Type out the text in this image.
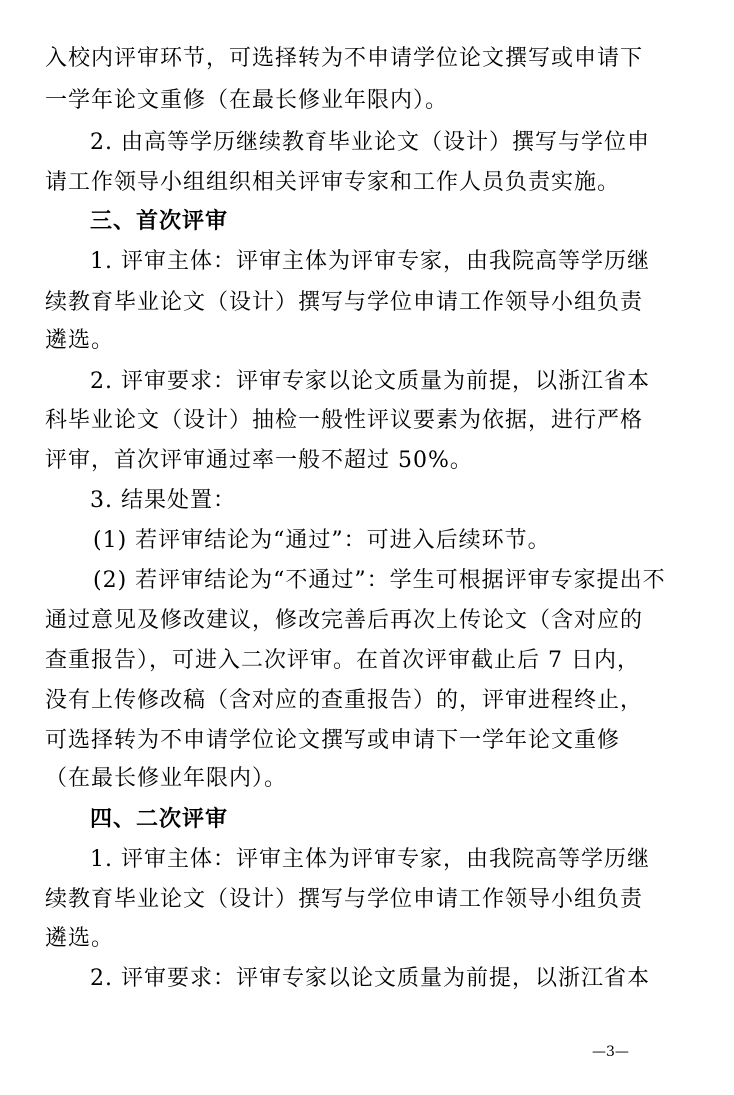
入校内评审环节，可选择转为不申请学位论文撰写或申请下
一学年论文重修（在最长修业年限内）。
2. 由高等学历继续教育毕业论文（设计）撰写与学位申
请工作领导小组组织相关评审专家和工作人员负责实施。
三、首次评审
1. 评审主体：评审主体为评审专家，由我院高等学历继
续教育毕业论文（设计）撰写与学位申请工作领导小组负责
遴选。
2. 评审要求：评审专家以论文质量为前提，以浙江省本
科毕业论文（设计）抽检一般性评议要素为依据，进行严格
评审，首次评审通过率一般不超过 50%。
3. 结果处置：
(1) 若评审结论为“通过”：可进入后续环节。
(2) 若评审结论为“不通过”：学生可根据评审专家提出不
通过意见及修改建议，修改完善后再次上传论文（含对应的
查重报告），可进入二次评审。在首次评审截止后 7 日内，
没有上传修改稿（含对应的查重报告）的，评审进程终止，
可选择转为不申请学位论文撰写或申请下一学年论文重修
（在最长修业年限内）。
四、二次评审
1. 评审主体：评审主体为评审专家，由我院高等学历继
续教育毕业论文（设计）撰写与学位申请工作领导小组负责
遴选。
2. 评审要求：评审专家以论文质量为前提，以浙江省本
—3—
